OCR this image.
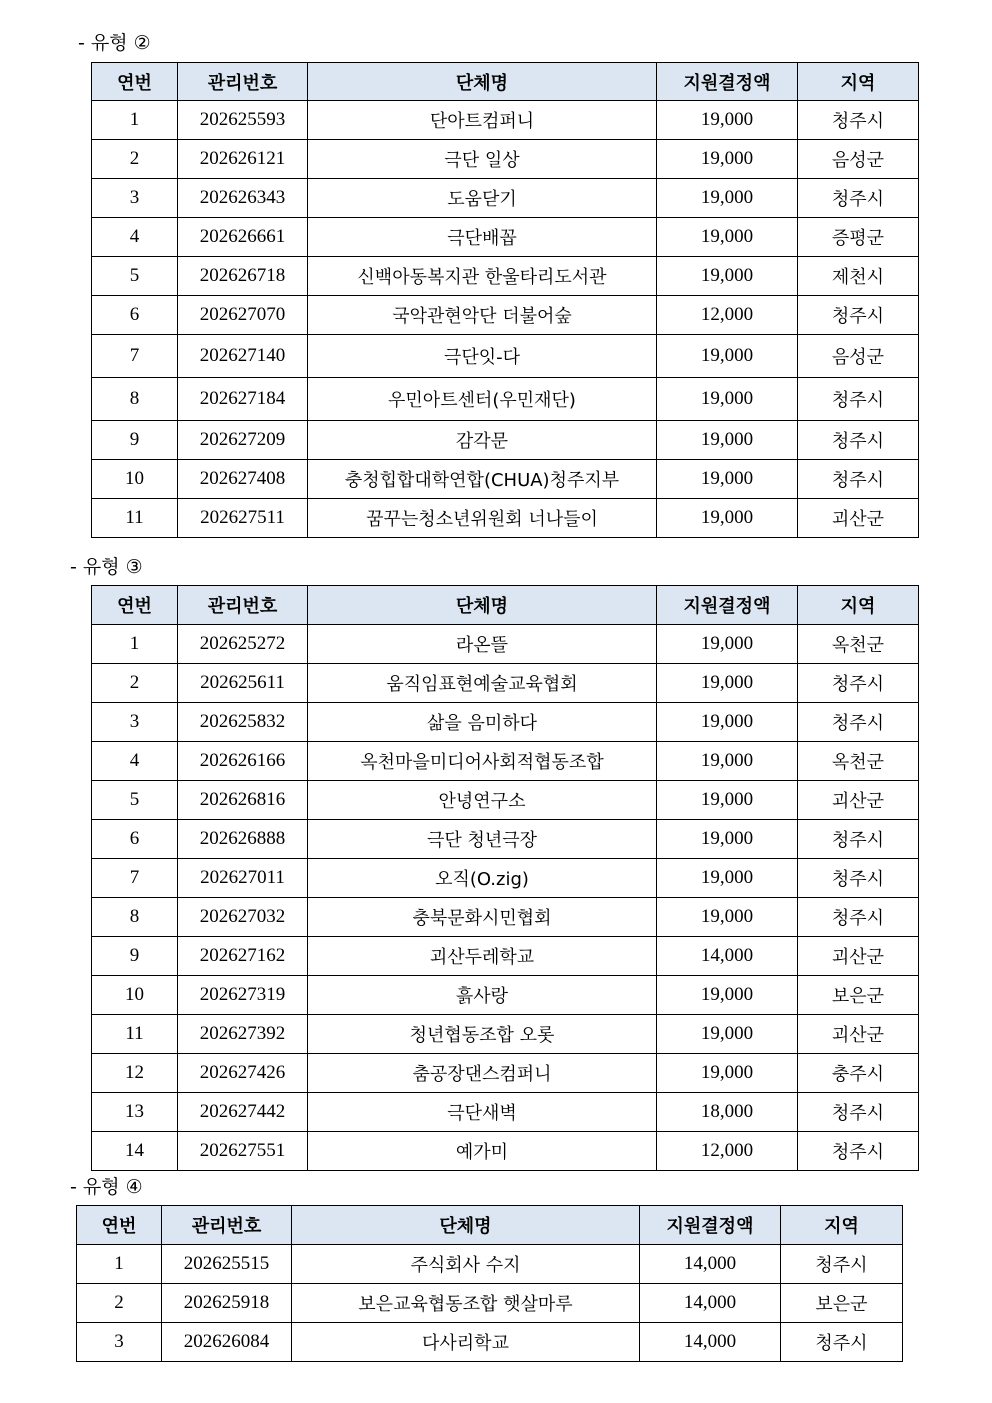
- 유형 ②
연번	관리번호	단체명	지원결정액	지역
1	202625593	단아트컴퍼니	19,000	청주시
2	202626121	극단 일상	19,000	음성군
3	202626343	도움닫기	19,000	청주시
4	202626661	극단배꼽	19,000	증평군
5	202626718	신백아동복지관 한울타리도서관	19,000	제천시
6	202627070	국악관현악단 더불어숲	12,000	청주시
7	202627140	극단잇-다	19,000	음성군
8	202627184	우민아트센터(우민재단)	19,000	청주시
9	202627209	감각문	19,000	청주시
10	202627408	충청힙합대학연합(CHUA)청주지부	19,000	청주시
11	202627511	꿈꾸는청소년위원회 너나들이	19,000	괴산군
- 유형 ③
연번	관리번호	단체명	지원결정액	지역
1	202625272	라온뜰	19,000	옥천군
2	202625611	움직임표현예술교육협회	19,000	청주시
3	202625832	삶을 음미하다	19,000	청주시
4	202626166	옥천마을미디어사회적협동조합	19,000	옥천군
5	202626816	안녕연구소	19,000	괴산군
6	202626888	극단 청년극장	19,000	청주시
7	202627011	오직(O.zig)	19,000	청주시
8	202627032	충북문화시민협회	19,000	청주시
9	202627162	괴산두레학교	14,000	괴산군
10	202627319	흙사랑	19,000	보은군
11	202627392	청년협동조합 오롯	19,000	괴산군
12	202627426	춤공장댄스컴퍼니	19,000	충주시
13	202627442	극단새벽	18,000	청주시
14	202627551	예가미	12,000	청주시
- 유형 ④
연번	관리번호	단체명	지원결정액	지역
1	202625515	주식회사 수지	14,000	청주시
2	202625918	보은교육협동조합 햇살마루	14,000	보은군
3	202626084	다사리학교	14,000	청주시
